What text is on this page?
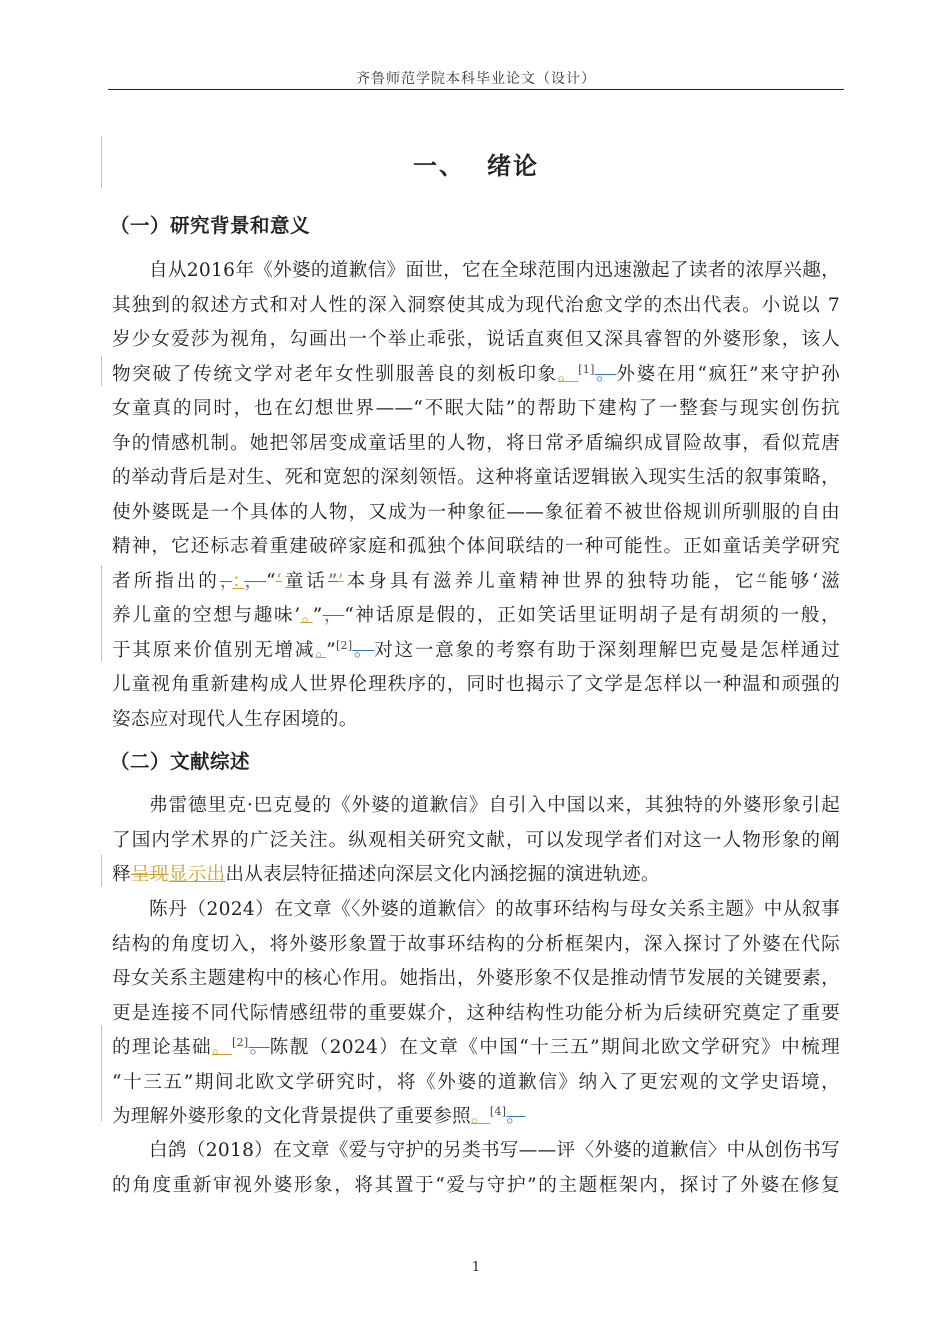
齐鲁师范学院本科毕业论文（设计）
一、 绪论
（一）研究背景和意义
自从2016年《外婆的道歉信》面世，它在全球范围内迅速激起了读者的浓厚兴趣，
其独到的叙述方式和对人性的深入洞察使其成为现代治愈文学的杰出代表。小说以 7
岁少女爱莎为视角，勾画出一个举止乖张，说话直爽但又深具睿智的外婆形象，该人
物突破了传统文学对老年女性驯服善良的刻板印象。[1]。外婆在用“疯狂”来守护孙
女童真的同时，也在幻想世界——“不眠大陆”的帮助下建构了一整套与现实创伤抗
争的情感机制。她把邻居变成童话里的人物，将日常矛盾编织成冒险故事，看似荒唐
的举动背后是对生、死和宽恕的深刻领悟。这种将童话逻辑嵌入现实生活的叙事策略，
使外婆既是一个具体的人物，又成为一种象征——象征着不被世俗规训所驯服的自由
精神，它还标志着重建破碎家庭和孤独个体间联结的一种可能性。正如童话美学研究
者所指出的，：，“‘童话”’本身具有滋养儿童精神世界的独特功能，它“能够‘滋
养儿童的空想与趣味’。”，“神话原是假的，正如笑话里证明胡子是有胡须的一般，
于其原来价值别无增减。”[2]。对这一意象的考察有助于深刻理解巴克曼是怎样通过
儿童视角重新建构成人世界伦理秩序的，同时也揭示了文学是怎样以一种温和顽强的
姿态应对现代人生存困境的。
（二）文献综述
弗雷德里克·巴克曼的《外婆的道歉信》自引入中国以来，其独特的外婆形象引起
了国内学术界的广泛关注。纵观相关研究文献，可以发现学者们对这一人物形象的阐
释呈现显示出出从表层特征描述向深层文化内涵挖掘的演进轨迹。
陈丹（2024）在文章《〈外婆的道歉信〉的故事环结构与母女关系主题》中从叙事
结构的角度切入，将外婆形象置于故事环结构的分析框架内，深入探讨了外婆在代际
母女关系主题建构中的核心作用。她指出，外婆形象不仅是推动情节发展的关键要素，
更是连接不同代际情感纽带的重要媒介，这种结构性功能分析为后续研究奠定了重要
的理论基础。[2]。陈靓（2024）在文章《中国“十三五”期间北欧文学研究》中梳理
“十三五”期间北欧文学研究时，将《外婆的道歉信》纳入了更宏观的文学史语境，
为理解外婆形象的文化背景提供了重要参照。[4]。
白鸽（2018）在文章《爱与守护的另类书写——评〈外婆的道歉信〉中从创伤书写
的角度重新审视外婆形象，将其置于“爱与守护”的主题框架内，探讨了外婆在修复
1
